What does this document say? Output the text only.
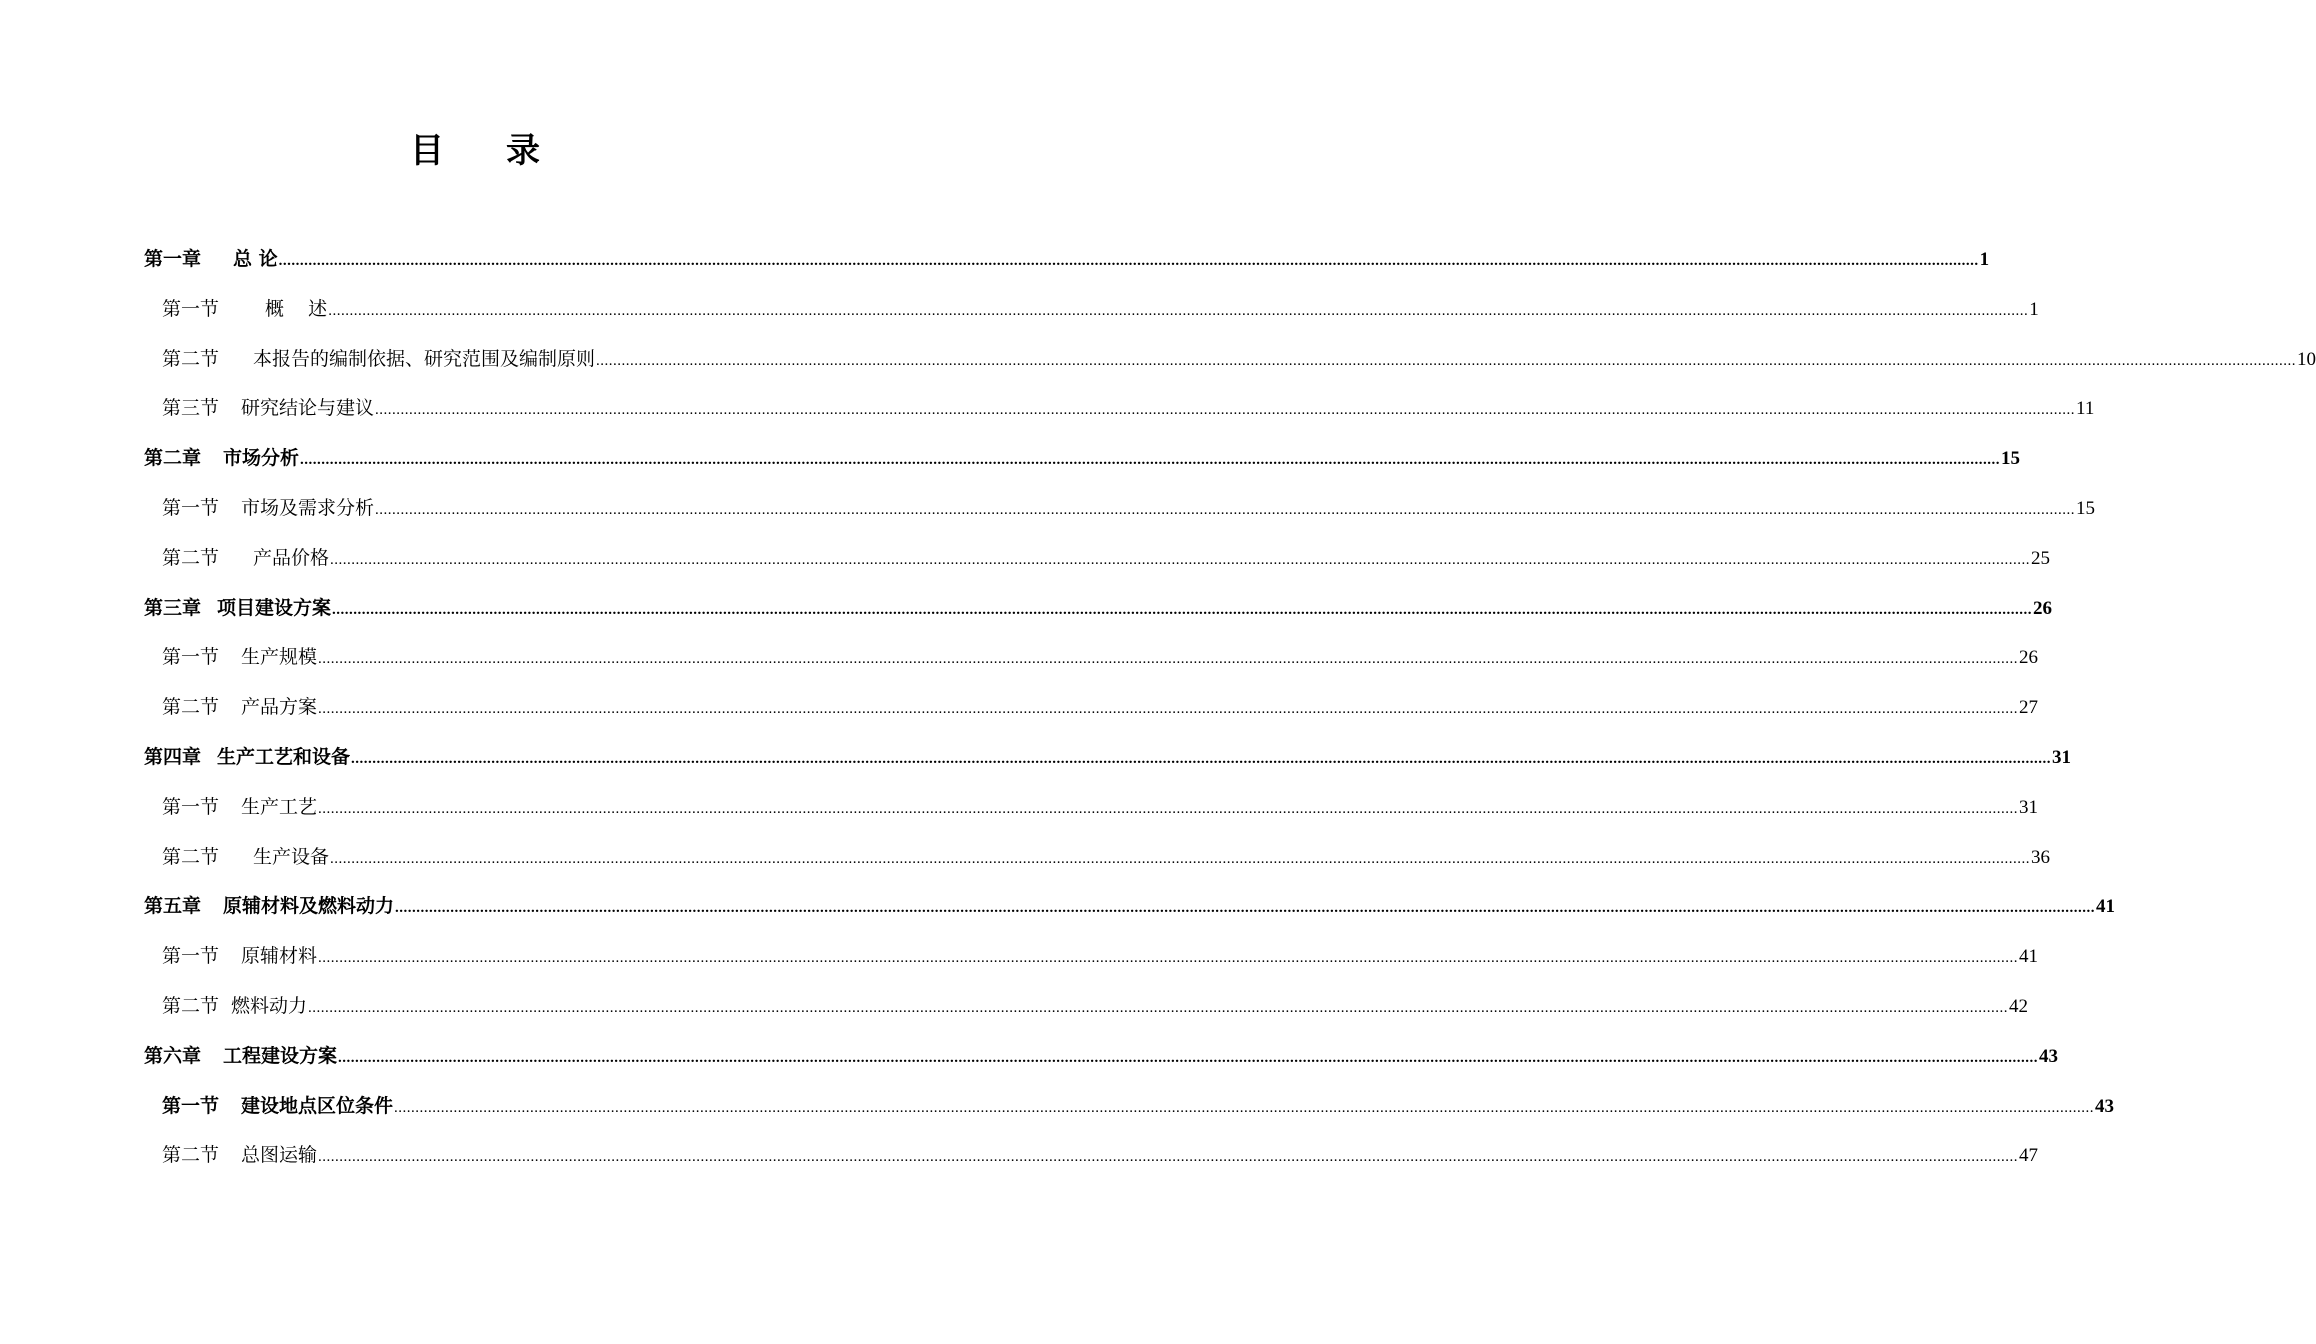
目 录
第一章 总 论 ................................................................................................................................................................................................................................................................................................................................................................................................................ 1
第一节 概    述 ................................................................................................................................................................................................................................................................................................................................................................................................................ 1
第二节 本报告的编制依据、研究范围及编制原则 ................................................................................................................................................................................................................................................................................................................................................................................................................ 10
第三节 研究结论与建议 ................................................................................................................................................................................................................................................................................................................................................................................................................ 11
第二章 市场分析 ................................................................................................................................................................................................................................................................................................................................................................................................................ 15
第一节 市场及需求分析 ................................................................................................................................................................................................................................................................................................................................................................................................................ 15
第二节 产品价格 ................................................................................................................................................................................................................................................................................................................................................................................................................ 25
第三章 项目建设方案 ................................................................................................................................................................................................................................................................................................................................................................................................................ 26
第一节 生产规模 ................................................................................................................................................................................................................................................................................................................................................................................................................ 26
第二节 产品方案 ................................................................................................................................................................................................................................................................................................................................................................................................................ 27
第四章 生产工艺和设备 ................................................................................................................................................................................................................................................................................................................................................................................................................ 31
第一节 生产工艺 ................................................................................................................................................................................................................................................................................................................................................................................................................ 31
第二节 生产设备 ................................................................................................................................................................................................................................................................................................................................................................................................................ 36
第五章 原辅材料及燃料动力 ................................................................................................................................................................................................................................................................................................................................................................................................................ 41
第一节 原辅材料 ................................................................................................................................................................................................................................................................................................................................................................................................................ 41
第二节 燃料动力 ................................................................................................................................................................................................................................................................................................................................................................................................................ 42
第六章 工程建设方案 ................................................................................................................................................................................................................................................................................................................................................................................................................ 43
第一节 建设地点区位条件 ................................................................................................................................................................................................................................................................................................................................................................................................................ 43
第二节 总图运输 ................................................................................................................................................................................................................................................................................................................................................................................................................ 47
